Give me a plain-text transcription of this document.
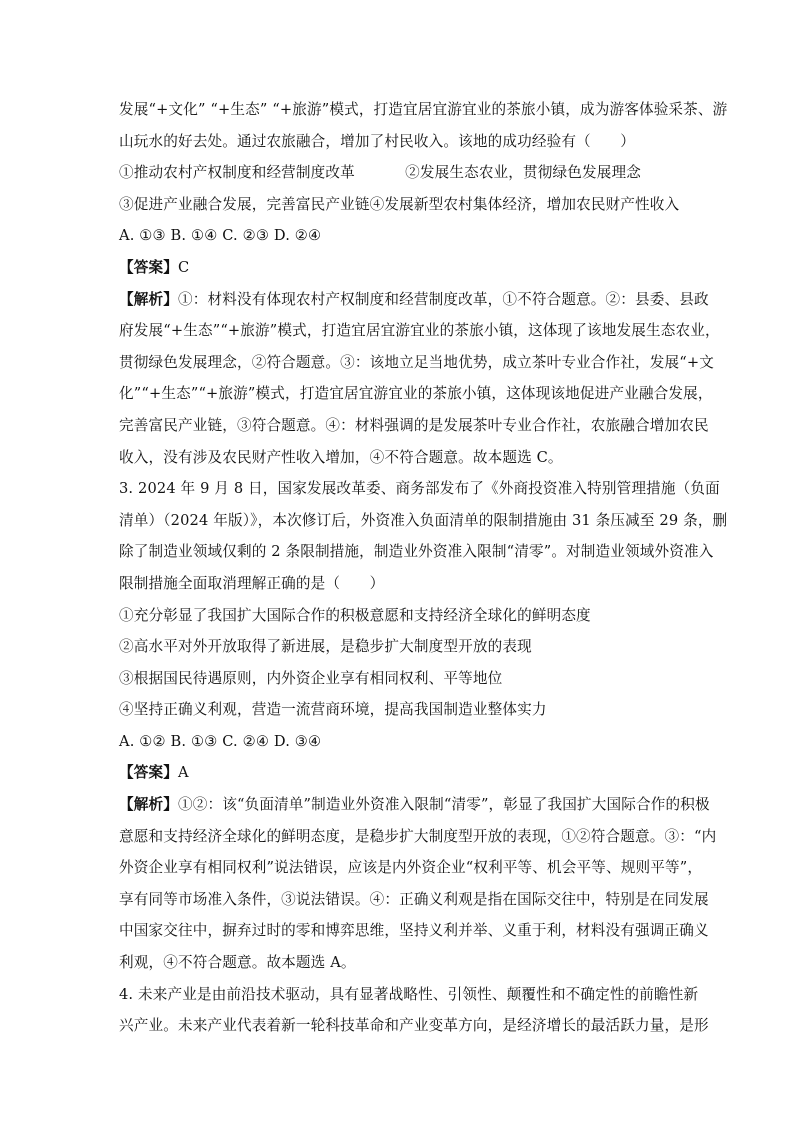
发展“+文化” “+生态” “+旅游”模式，打造宜居宜游宜业的茶旅小镇，成为游客体验采茶、游
山玩水的好去处。通过农旅融合，增加了村民收入。该地的成功经验有（　　）
①推动农村产权制度和经营制度改革	②发展生态农业，贯彻绿色发展理念
③促进产业融合发展，完善富民产业链 ④发展新型农村集体经济，增加农民财产性收入
A. ①③ B. ①④ C. ②③ D. ②④
【答案】C
【解析】①：材料没有体现农村产权制度和经营制度改革，①不符合题意。②：县委、县政
府发展“+生态”“+旅游”模式，打造宜居宜游宜业的茶旅小镇，这体现了该地发展生态农业，
贯彻绿色发展理念，②符合题意。③：该地立足当地优势，成立茶叶专业合作社，发展“+文
化”“+生态”“+旅游”模式，打造宜居宜游宜业的茶旅小镇，这体现该地促进产业融合发展，
完善富民产业链，③符合题意。④：材料强调的是发展茶叶专业合作社，农旅融合增加农民
收入，没有涉及农民财产性收入增加，④不符合题意。故本题选 C。
3. 2024 年 9 月 8 日，国家发展改革委、商务部发布了《外商投资准入特别管理措施（负面
清单）（2024 年版）》，本次修订后，外资准入负面清单的限制措施由 31 条压减至 29 条，删
除了制造业领域仅剩的 2 条限制措施，制造业外资准入限制“清零”。对制造业领域外资准入
限制措施全面取消理解正确的是（　　）
①充分彰显了我国扩大国际合作的积极意愿和支持经济全球化的鲜明态度
②高水平对外开放取得了新进展，是稳步扩大制度型开放的表现
③根据国民待遇原则，内外资企业享有相同权利、平等地位
④坚持正确义利观，营造一流营商环境，提高我国制造业整体实力
A. ①② B. ①③ C. ②④ D. ③④
【答案】A
【解析】①②：该“负面清单”制造业外资准入限制“清零”，彰显了我国扩大国际合作的积极
意愿和支持经济全球化的鲜明态度，是稳步扩大制度型开放的表现，①②符合题意。③：“内
外资企业享有相同权利”说法错误，应该是内外资企业“权利平等、机会平等、规则平等”，
享有同等市场准入条件，③说法错误。④：正确义利观是指在国际交往中，特别是在同发展
中国家交往中，摒弃过时的零和博弈思维，坚持义利并举、义重于利，材料没有强调正确义
利观，④不符合题意。故本题选 A。
4. 未来产业是由前沿技术驱动，具有显著战略性、引领性、颠覆性和不确定性的前瞻性新
兴产业。未来产业代表着新一轮科技革命和产业变革方向，是经济增长的最活跃力量，是形
